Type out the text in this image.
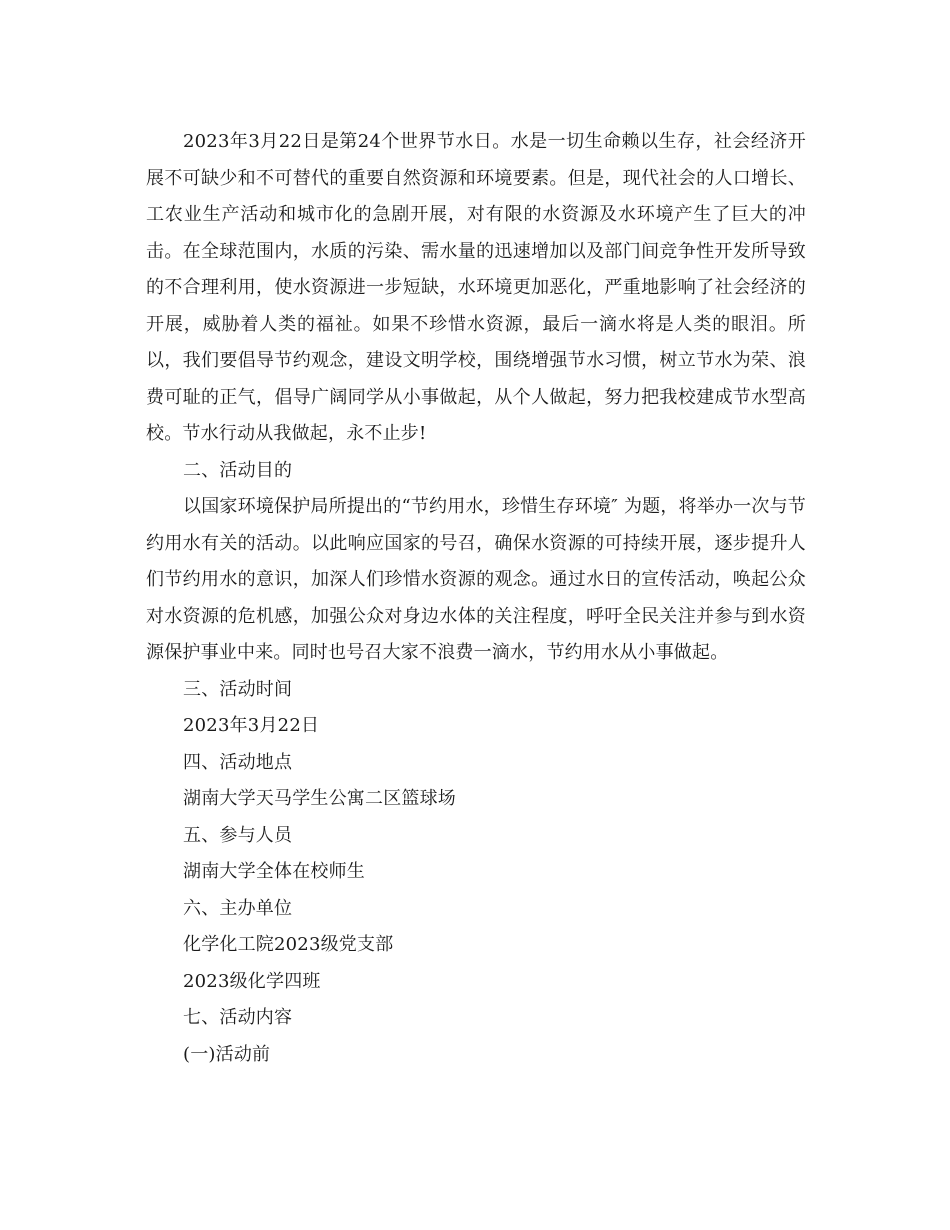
2023年3月22日是第24个世界节水日。水是一切生命赖以生存，社会经济开展不可缺少和不可替代的重要自然资源和环境要素。但是，现代社会的人口增长、工农业生产活动和城市化的急剧开展，对有限的水资源及水环境产生了巨大的冲击。在全球范围内，水质的污染、需水量的迅速增加以及部门间竞争性开发所导致的不合理利用，使水资源进一步短缺，水环境更加恶化，严重地影响了社会经济的开展，威胁着人类的福祉。如果不珍惜水资源，最后一滴水将是人类的眼泪。所以，我们要倡导节约观念，建设文明学校，围绕增强节水习惯，树立节水为荣、浪费可耻的正气，倡导广阔同学从小事做起，从个人做起，努力把我校建成节水型高校。节水行动从我做起，永不止步!

二、活动目的

以国家环境保护局所提出的“节约用水，珍惜生存环境″ 为题，将举办一次与节约用水有关的活动。以此响应国家的号召，确保水资源的可持续开展，逐步提升人们节约用水的意识，加深人们珍惜水资源的观念。通过水日的宣传活动，唤起公众对水资源的危机感，加强公众对身边水体的关注程度，呼吁全民关注并参与到水资源保护事业中来。同时也号召大家不浪费一滴水，节约用水从小事做起。

三、活动时间

2023年3月22日

四、活动地点

湖南大学天马学生公寓二区篮球场

五、参与人员

湖南大学全体在校师生

六、主办单位

化学化工院2023级党支部

2023级化学四班

七、活动内容

(一)活动前
